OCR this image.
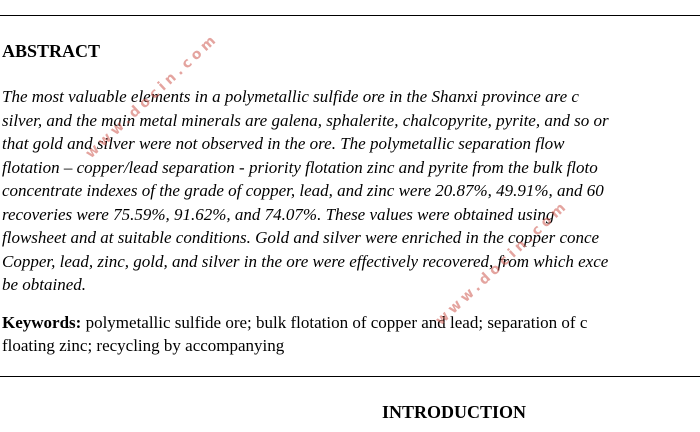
ABSTRACT
The most valuable elements in a polymetallic sulfide ore in the Shanxi province are c
silver, and the main metal minerals are galena, sphalerite, chalcopyrite, pyrite, and so or
that gold and silver were not observed in the ore. The polymetallic separation flow
flotation – copper/lead separation - priority flotation zinc and pyrite from the bulk floto
concentrate indexes of the grade of copper, lead, and zinc were 20.87%, 49.91%, and 60
recoveries were 75.59%, 91.62%, and 74.07%. These values were obtained using
flowsheet and at suitable conditions. Gold and silver were enriched in the copper conce
Copper, lead, zinc, gold, and silver in the ore were effectively recovered, from which exce
be obtained.
Keywords: polymetallic sulfide ore; bulk flotation of copper and lead; separation of c
floating zinc; recycling by accompanying
INTRODUCTION
www.docin.com
www.docin.com
